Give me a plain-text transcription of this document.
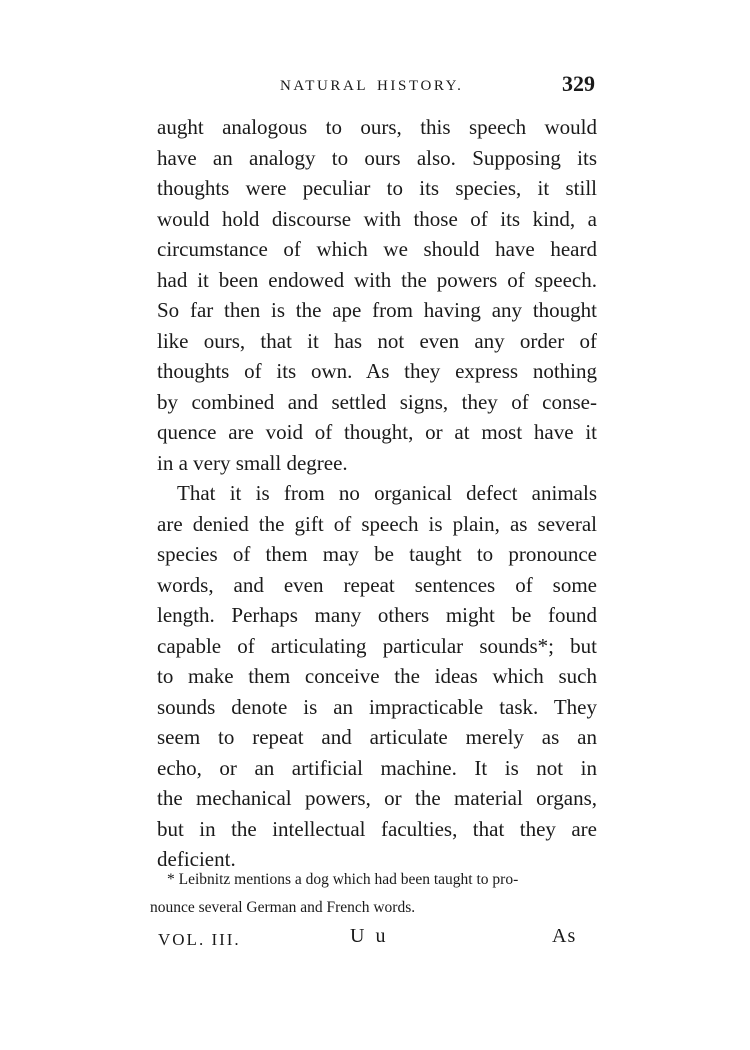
NATURAL HISTORY.	329
aught analogous to ours, this speech would
have an analogy to ours also. Supposing its
thoughts were peculiar to its species, it still
would hold discourse with those of its kind, a
circumstance of which we should have heard
had it been endowed with the powers of speech.
So far then is the ape from having any thought
like ours, that it has not even any order of
thoughts of its own. As they express nothing
by combined and settled signs, they of conse-
quence are void of thought, or at most have it
in a very small degree.
That it is from no organical defect animals
are denied the gift of speech is plain, as several
species of them may be taught to pronounce
words, and even repeat sentences of some
length. Perhaps many others might be found
capable of articulating particular sounds*; but
to make them conceive the ideas which such
sounds denote is an impracticable task. They
seem to repeat and articulate merely as an
echo, or an artificial machine. It is not in
the mechanical powers, or the material organs,
but in the intellectual faculties, that they are
deficient.
* Leibnitz mentions a dog which had been taught to pro-
nounce several German and French words.
VOL. III.	U u	As
